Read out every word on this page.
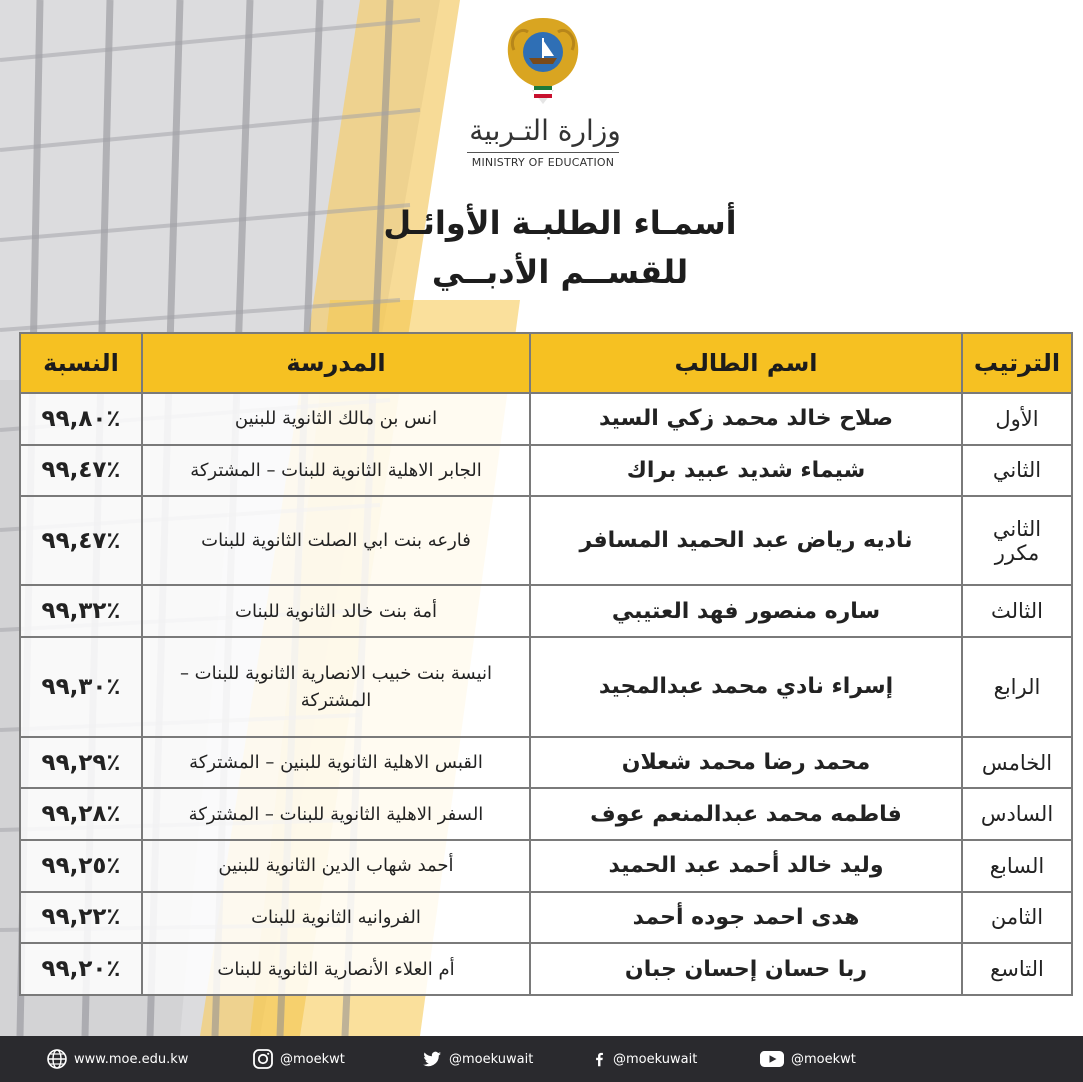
وزارة التـربية
MINISTRY OF EDUCATION
أسمـاء الطلبـة الأوائـل
للقســم الأدبــي
الترتيب	اسم الطالب	المدرسة	النسبة
الأول	صلاح خالد محمد زكي السيد	انس بن مالك الثانوية للبنين	٪٩٩,٨٠
الثاني	شيماء شديد عبيد براك	الجابر الاهلية الثانوية للبنات – المشتركة	٪٩٩,٤٧
الثاني مكرر	ناديه رياض عبد الحميد المسافر	فارعه بنت ابي الصلت الثانوية للبنات	٪٩٩,٤٧
الثالث	ساره منصور فهد العتيبي	أمة بنت خالد الثانوية للبنات	٪٩٩,٣٢
الرابع	إسراء نادي محمد عبدالمجيد	انيسة بنت خبيب الانصارية الثانوية للبنات – المشتركة	٪٩٩,٣٠
الخامس	محمد رضا محمد شعلان	القبس الاهلية الثانوية للبنين – المشتركة	٪٩٩,٢٩
السادس	فاطمه محمد عبدالمنعم عوف	السفر الاهلية الثانوية للبنات – المشتركة	٪٩٩,٢٨
السابع	وليد خالد أحمد عبد الحميد	أحمد شهاب الدين الثانوية للبنين	٪٩٩,٢٥
الثامن	هدى احمد جوده أحمد	الفروانيه الثانوية للبنات	٪٩٩,٢٢
التاسع	ربا حسان إحسان جبان	أم العلاء الأنصارية الثانوية للبنات	٪٩٩,٢٠
www.moe.edu.kw	@moekwt	@moekuwait	@moekuwait	@moekwt
